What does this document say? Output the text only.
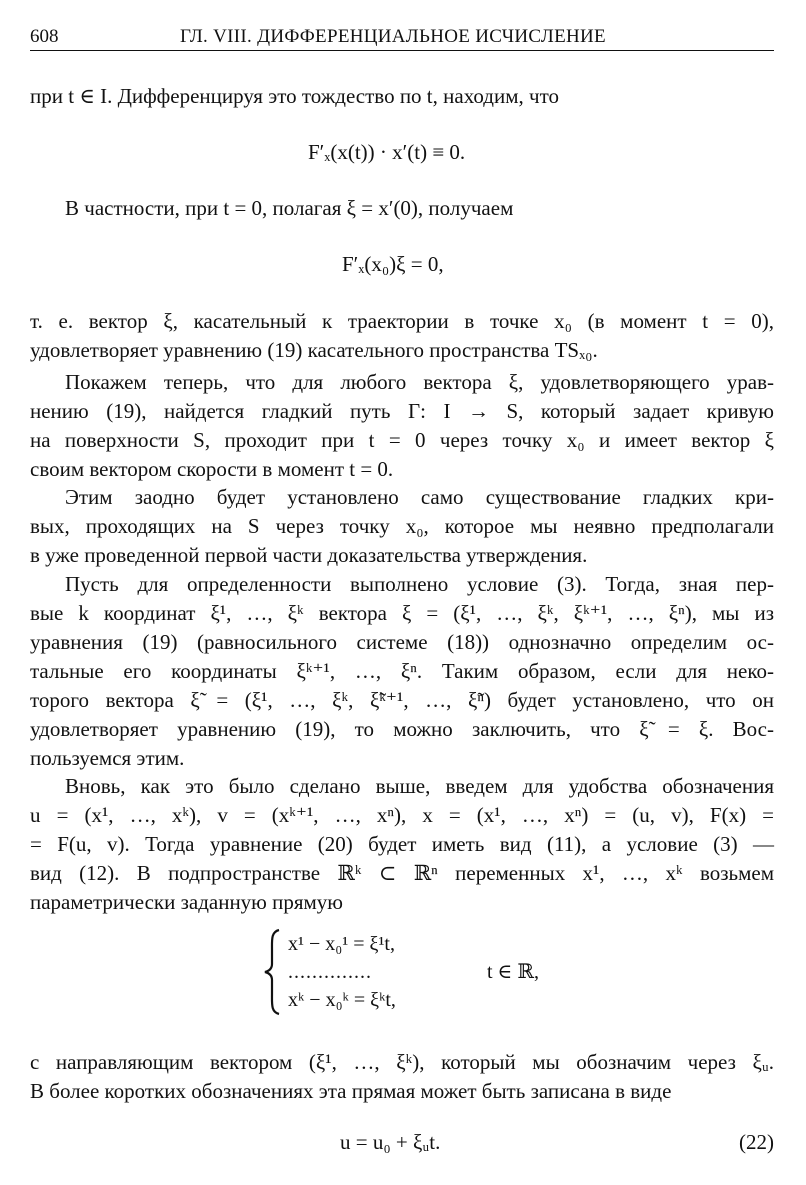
608	ГЛ. VIII. ДИФФЕРЕНЦИАЛЬНОЕ ИСЧИСЛЕНИЕ
при t ∈ I. Дифференцируя это тождество по t, находим, что
F′ₓ(x(t)) · x′(t) ≡ 0.
В частности, при t = 0, полагая ξ = x′(0), получаем
F′ₓ(x₀)ξ = 0,
т. е. вектор ξ, касательный к траектории в точке x₀ (в момент t = 0),
удовлетворяет уравнению (19) касательного пространства TSₓ₀.
Покажем теперь, что для любого вектора ξ, удовлетворяющего урав-
нению (19), найдется гладкий путь Γ: I → S, который задает кривую
на поверхности S, проходит при t = 0 через точку x₀ и имеет вектор ξ
своим вектором скорости в момент t = 0.
Этим заодно будет установлено само существование гладких кри-
вых, проходящих на S через точку x₀, которое мы неявно предполагали
в уже проведенной первой части доказательства утверждения.
Пусть для определенности выполнено условие (3). Тогда, зная пер-
вые k координат ξ¹, …, ξᵏ вектора ξ = (ξ¹, …, ξᵏ, ξᵏ⁺¹, …, ξⁿ), мы из
уравнения (19) (равносильного системе (18)) однозначно определим ос-
тальные его координаты ξᵏ⁺¹, …, ξⁿ. Таким образом, если для неко-
торого вектора ξ̃ = (ξ¹, …, ξᵏ, ξ̃ᵏ⁺¹, …, ξ̃ⁿ) будет установлено, что он
удовлетворяет уравнению (19), то можно заключить, что ξ̃ = ξ. Вос-
пользуемся этим.
Вновь, как это было сделано выше, введем для удобства обозначения
u = (x¹, …, xᵏ), v = (xᵏ⁺¹, …, xⁿ), x = (x¹, …, xⁿ) = (u, v), F(x) =
= F(u, v). Тогда уравнение (20) будет иметь вид (11), а условие (3) —
вид (12). В подпространстве ℝᵏ ⊂ ℝⁿ переменных x¹, …, xᵏ возьмем
параметрически заданную прямую
x¹ − x₀¹ = ξ¹t,
..............
xᵏ − x₀ᵏ = ξᵏt,
t ∈ ℝ,
с направляющим вектором (ξ¹, …, ξᵏ), который мы обозначим через ξᵤ.
В более коротких обозначениях эта прямая может быть записана в виде
u = u₀ + ξᵤt.	(22)
